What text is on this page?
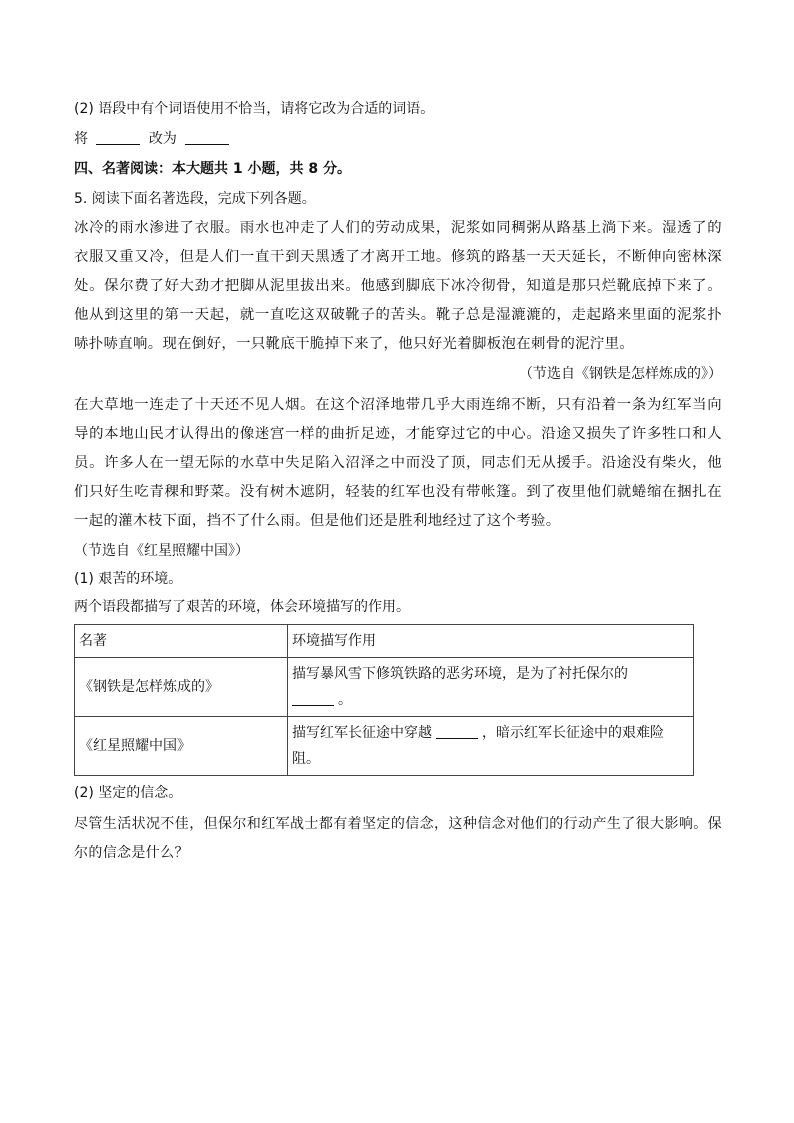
(2) 语段中有个词语使用不恰当，请将它改为合适的词语。
将	改为
四、名著阅读：本大题共 1 小题，共 8 分。
5. 阅读下面名著选段，完成下列各题。
冰冷的雨水渗进了衣服。雨水也冲走了人们的劳动成果，泥浆如同稠粥从路基上淌下来。湿透了的衣服又重又冷，但是人们一直干到天黑透了才离开工地。修筑的路基一天天延长，不断伸向密林深处。保尔费了好大劲才把脚从泥里拔出来。他感到脚底下冰冷彻骨，知道是那只烂靴底掉下来了。他从到这里的第一天起，就一直吃这双破靴子的苦头。靴子总是湿漉漉的，走起路来里面的泥浆扑哧扑哧直响。现在倒好，一只靴底干脆掉下来了，他只好光着脚板泡在刺骨的泥泞里。
（节选自《钢铁是怎样炼成的》）
在大草地一连走了十天还不见人烟。在这个沼泽地带几乎大雨连绵不断，只有沿着一条为红军当向导的本地山民才认得出的像迷宫一样的曲折足迹，才能穿过它的中心。沿途又损失了许多牲口和人员。许多人在一望无际的水草中失足陷入沼泽之中而没了顶，同志们无从援手。沿途没有柴火，他们只好生吃青稞和野菜。没有树木遮阴，轻装的红军也没有带帐篷。到了夜里他们就蜷缩在捆扎在一起的灌木枝下面，挡不了什么雨。但是他们还是胜利地经过了这个考验。
（节选自《红星照耀中国》）
(1) 艰苦的环境。
两个语段都描写了艰苦的环境，体会环境描写的作用。
名著	环境描写作用
《钢铁是怎样炼成的》	描写暴风雪下修筑铁路的恶劣环境，是为了衬托保尔的
。

《红星照耀中国》	描写红军长征途中穿越 ，暗示红军长征途中的艰难险
阻。
(2) 坚定的信念。
尽管生活状况不佳，但保尔和红军战士都有着坚定的信念，这种信念对他们的行动产生了很大影响。保尔的信念是什么？
